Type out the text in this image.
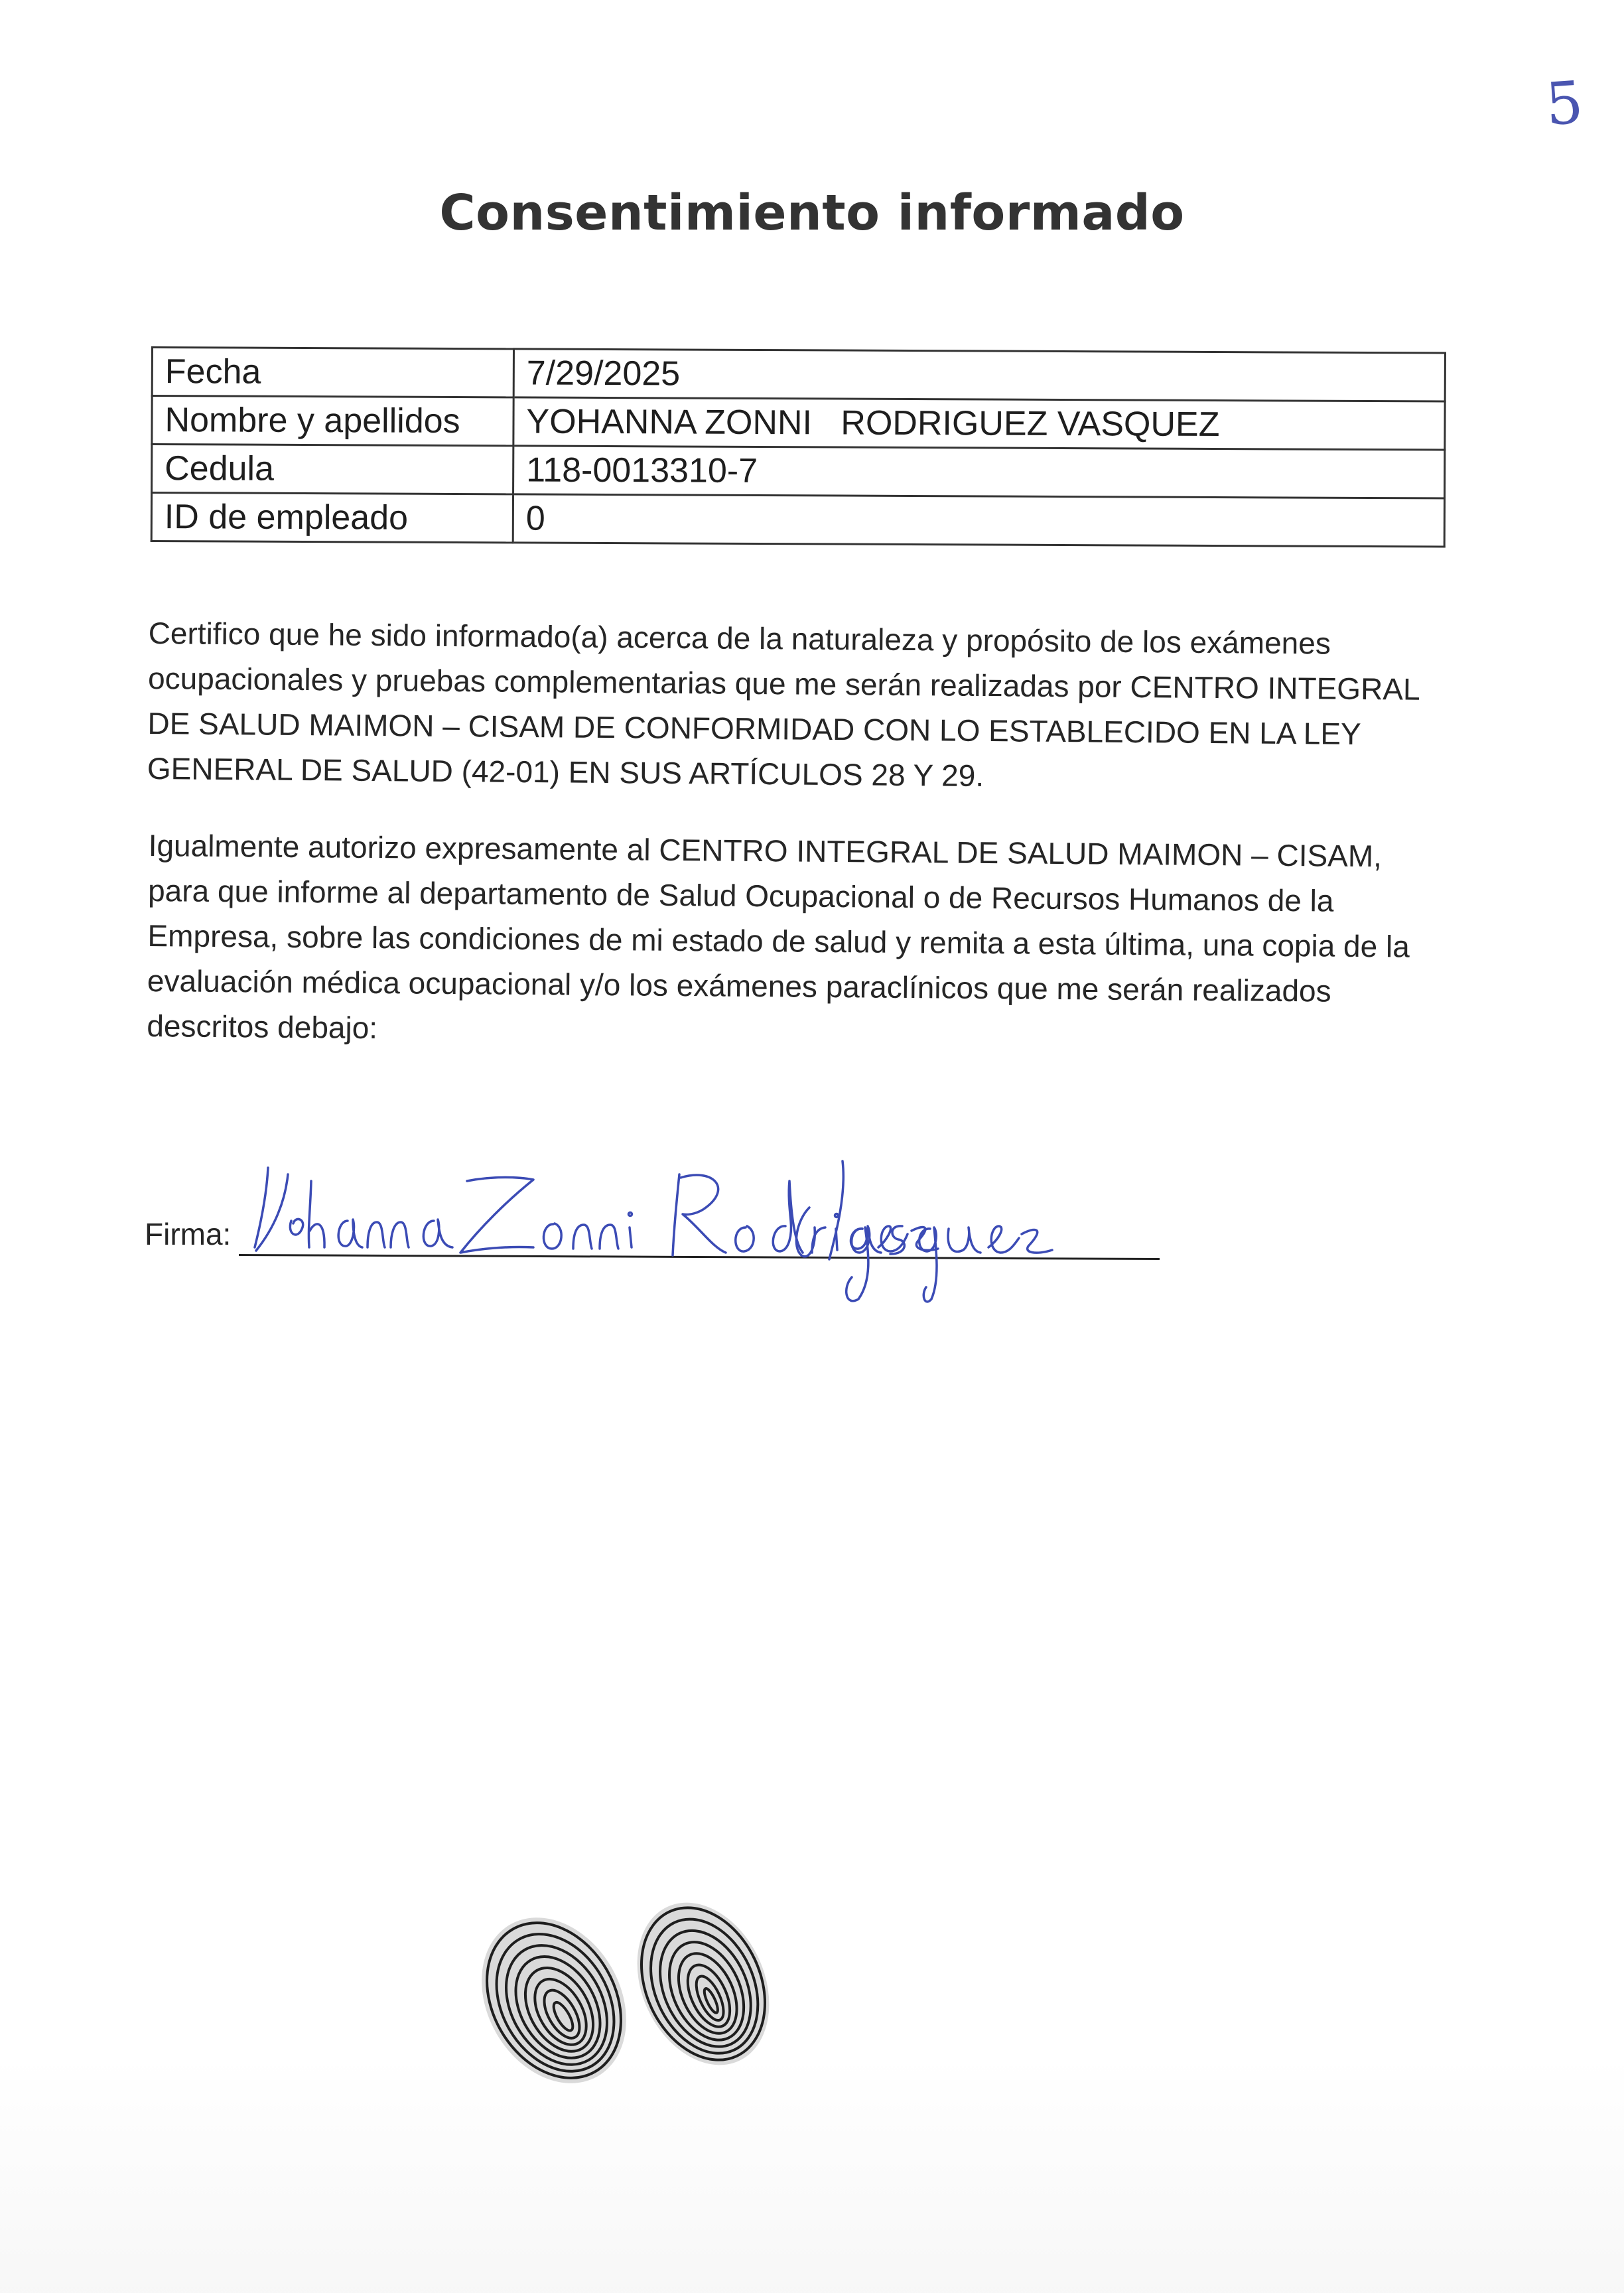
5
Consentimiento informado
Fecha	7/29/2025
Nombre y apellidos	YOHANNA ZONNI   RODRIGUEZ VASQUEZ
Cedula	118-0013310-7
ID de empleado	0

Certifico que he sido informado(a) acerca de la naturaleza y propósito de los exámenes ocupacionales y pruebas complementarias que me serán realizadas por CENTRO INTEGRAL DE SALUD MAIMON – CISAM DE CONFORMIDAD CON LO ESTABLECIDO EN LA LEY GENERAL DE SALUD (42-01) EN SUS ARTÍCULOS 28 Y 29.

Igualmente autorizo expresamente al CENTRO INTEGRAL DE SALUD MAIMON – CISAM, para que informe al departamento de Salud Ocupacional o de Recursos Humanos de la Empresa, sobre las condiciones de mi estado de salud y remita a esta última, una copia de la evaluación médica ocupacional y/o los exámenes paraclínicos que me serán realizados descritos debajo:

Firma:
